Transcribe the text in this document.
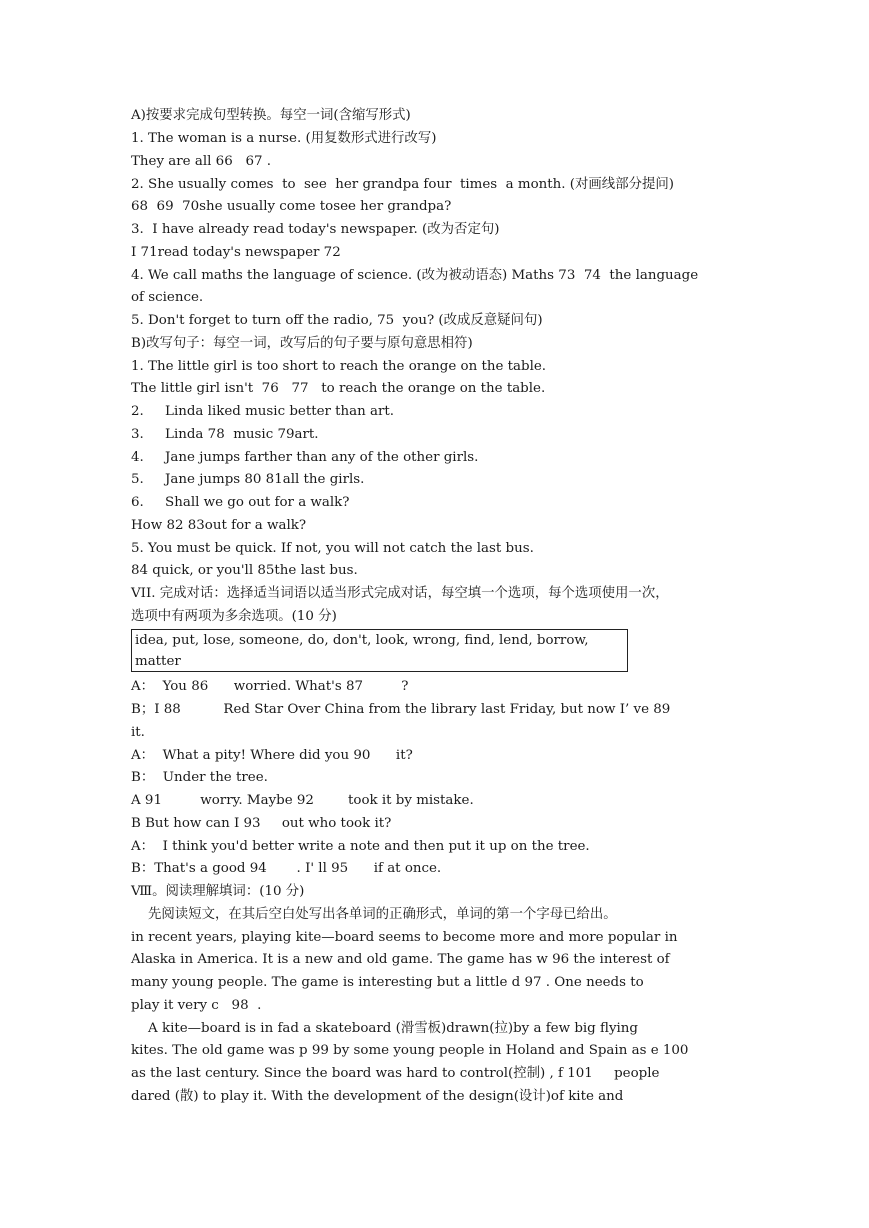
A)按要求完成句型转换。每空一词(含缩写形式)
1. The woman is a nurse. (用复数形式进行改写)
They are all 66   67 .
2. She usually comes  to  see  her grandpa four  times  a month. (对画线部分提问)
68  69  70she usually come tosee her grandpa?
3.  I have already read today's newspaper. (改为否定句)
I 71read today's newspaper 72
4. We call maths the language of science. (改为被动语态) Maths 73  74  the language
of science.
5. Don't forget to turn off the radio, 75  you? (改成反意疑问句)
B)改写句子：每空一词，改写后的句子要与原句意思相符)
1. The little girl is too short to reach the orange on the table.
The little girl isn't  76   77   to reach the orange on the table.
2.     Linda liked music better than art.
3.     Linda 78  music 79art.
4.     Jane jumps farther than any of the other girls.
5.     Jane jumps 80 81all the girls.
6.     Shall we go out for a walk?
How 82 83out for a walk?
5. You must be quick. If not, you will not catch the last bus.
84 quick, or you'll 85the last bus.
VII. 完成对话：选择适当词语以适当形式完成对话，每空填一个选项，每个选项使用一次，
选项中有两项为多余选项。(10 分)
idea, put, lose, someone, do, don't, look, wrong, find, lend, borrow,
matter
A：  You 86      worried. What's 87         ?
B；I 88          Red Star Over China from the library last Friday, but now I’ ve 89
it.
A：  What a pity! Where did you 90      it?
B：  Under the tree.
A 91         worry. Maybe 92        took it by mistake.
B But how can I 93     out who took it?
A：  I think you'd better write a note and then put it up on the tree.
B：That's a good 94       . I' ll 95      if at once.
Ⅷ。阅读理解填词：(10 分)
先阅读短文，在其后空白处写出各单词的正确形式，单词的第一个字母已给出。
in recent years, playing kite—board seems to become more and more popular in
Alaska in America. It is a new and old game. The game has w 96 the interest of
many young people. The game is interesting but a little d 97 . One needs to
play it very c   98  .
A kite—board is in fad a skateboard (滑雪板)drawn(拉)by a few big flying
kites. The old game was p 99 by some young people in Holand and Spain as e 100
as the last century. Since the board was hard to control(控制) , f 101     people
dared (散) to play it. With the development of the design(设计)of kite and
